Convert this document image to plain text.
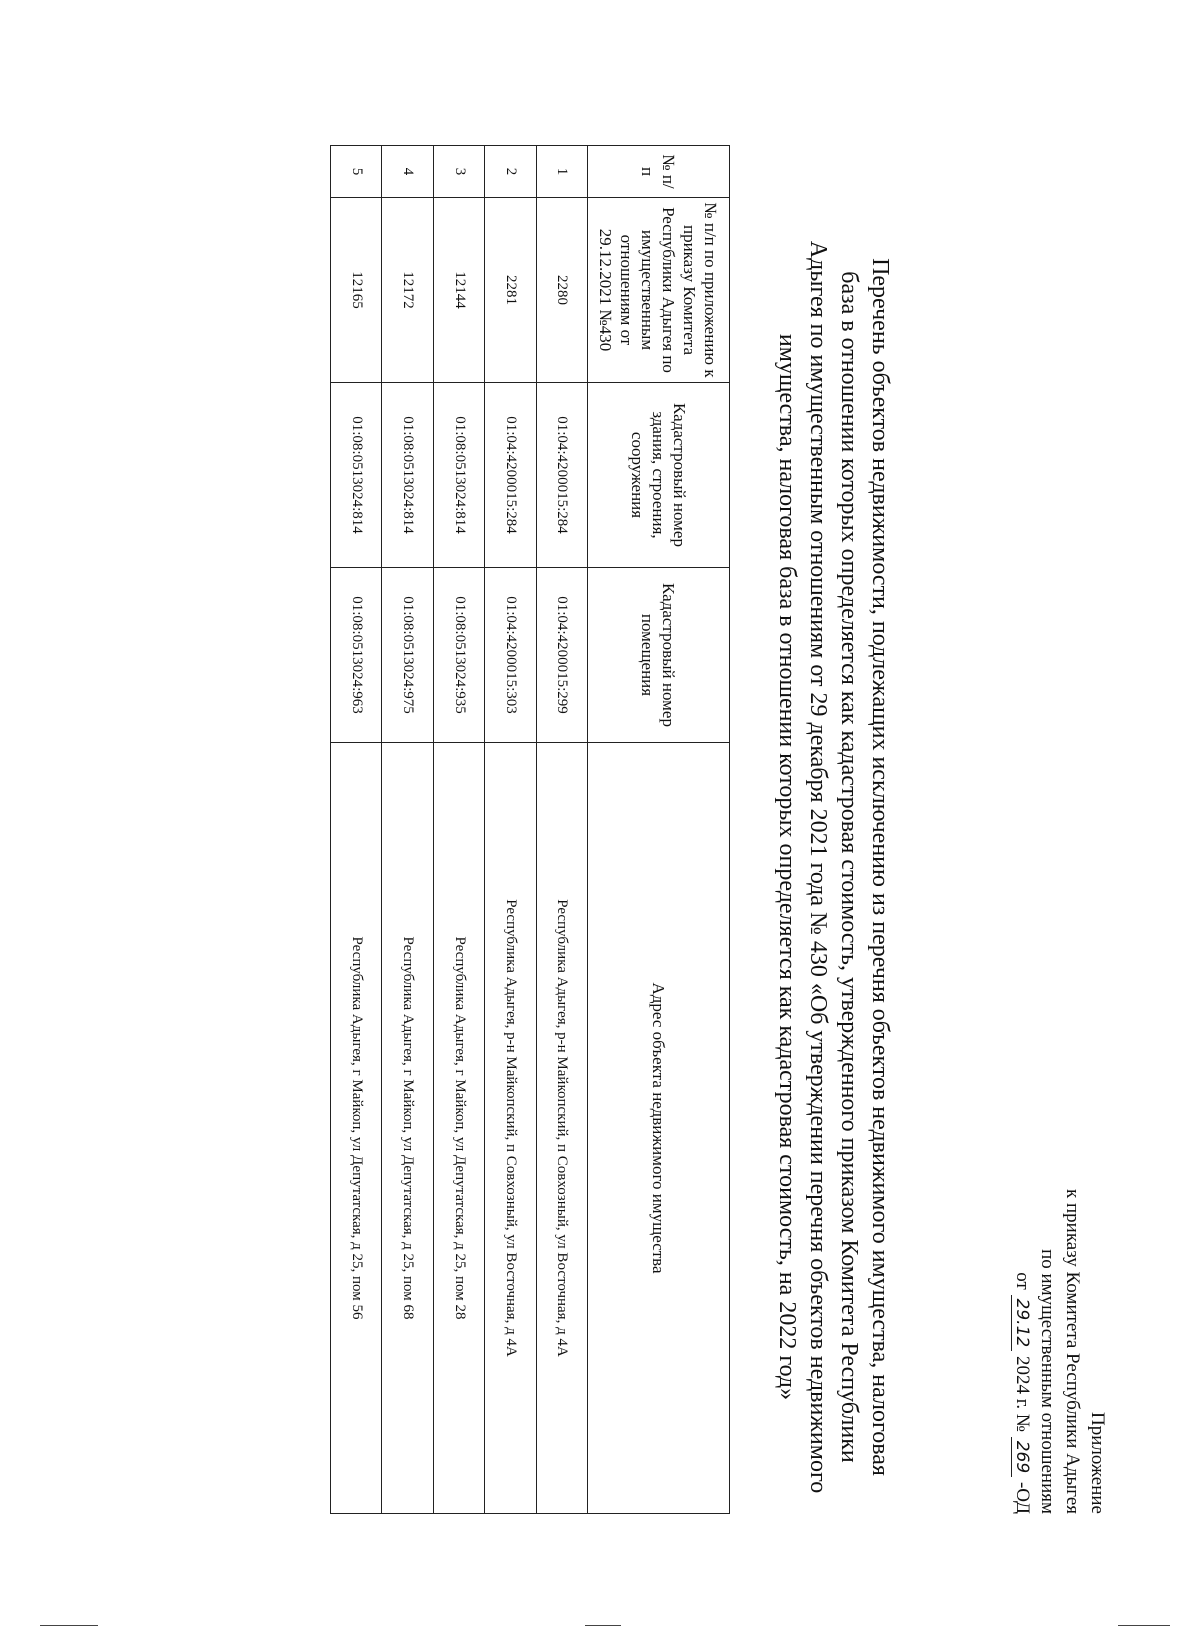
Приложение
к приказу Комитета Республики Адыгея
по имущественным отношениям
от 29.12 2024 г. № 269 -ОД
Перечень объектов недвижимости, подлежащих исключению из перечня объектов недвижимого имущества, налоговая
база в отношении которых определяется как кадастровая стоимость, утвержденного приказом Комитета Республики
Адыгея по имущественным отношениям от 29 декабря 2021 года № 430 «Об утверждении перечня объектов недвижимого
имущества, налоговая база в отношении которых определяется как кадастровая стоимость, на 2022 год»
№ п/п	№ п/п по приложению к приказу Комитета Республики Адыгея по имущественным отношениям от 29.12.2021 №430	Кадастровый номер здания, строения, сооружения	Кадастровый номер помещения	Адрес объекта недвижимого имущества
1	2280	01:04:4200015:284	01:04:4200015:299	Республика Адыгея, р-н Майкопский, п Совхозный, ул Восточная, д 4А
2	2281	01:04:4200015:284	01:04:4200015:303	Республика Адыгея, р-н Майкопский, п Совхозный, ул Восточная, д 4А
3	12144	01:08:0513024:814	01:08:0513024:935	Республика Адыгея, г Майкоп, ул Депутатская, д 25, пом 28
4	12172	01:08:0513024:814	01:08:0513024:975	Республика Адыгея, г Майкоп, ул Депутатская, д 25, пом 68
5	12165	01:08:0513024:814	01:08:0513024:963	Республика Адыгея, г Майкоп, ул Депутатская, д 25, пом 56
